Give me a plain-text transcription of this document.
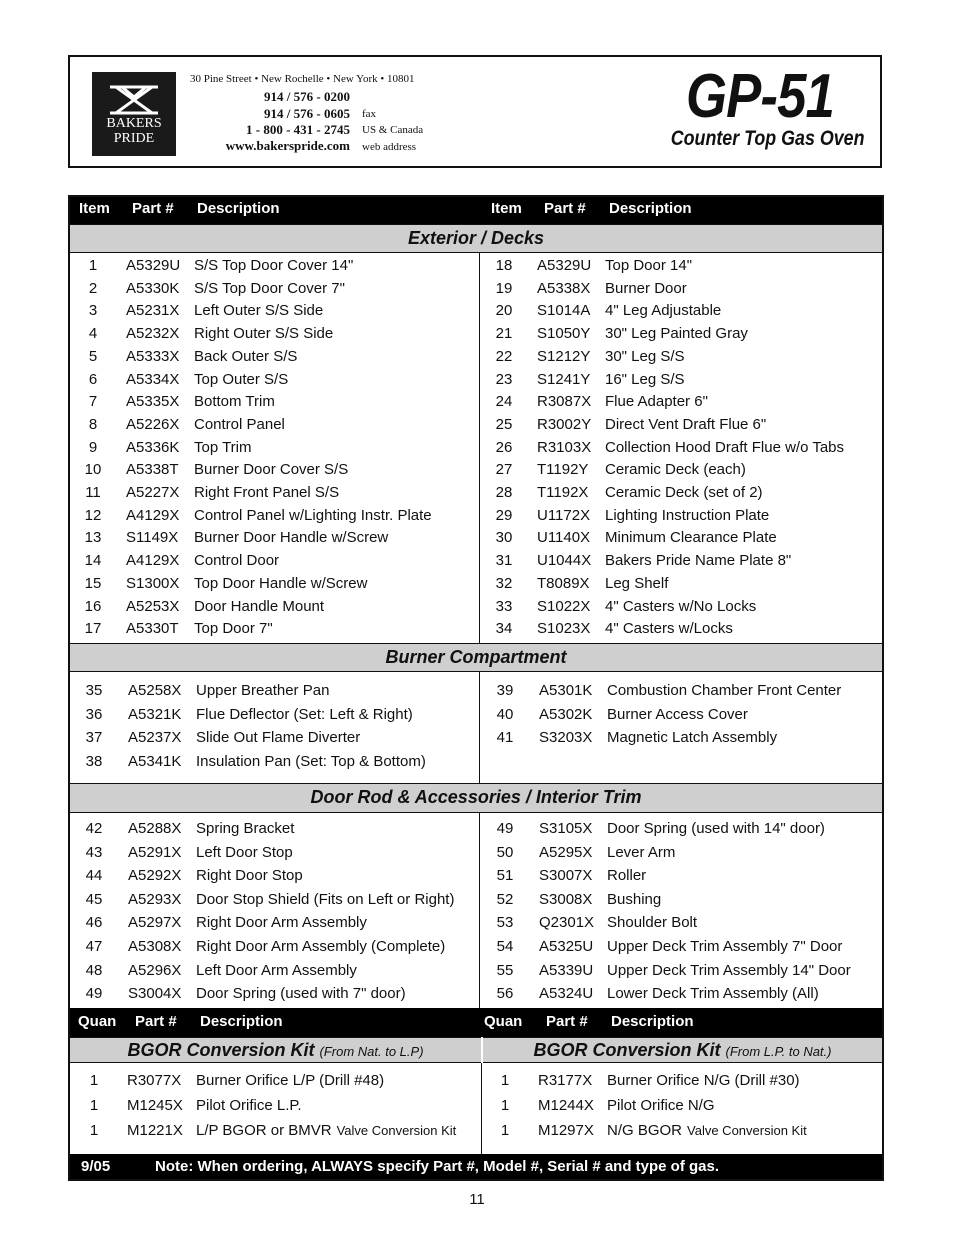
BAKERS
PRIDE
30 Pine Street • New Rochelle • New York • 10801
914 / 576 - 0200
914 / 576 - 0605 fax
1 - 800 - 431 - 2745 US & Canada
www.bakerspride.com web address
GP-51
Counter Top Gas Oven
Item Part # Description	Item Part # Description
Exterior / Decks
1	A5329U S/S Top Door Cover 14"
2	A5330K S/S Top Door Cover 7"
3	A5231X Left Outer S/S Side
4	A5232X Right Outer S/S Side
5	A5333X Back Outer S/S
6	A5334X Top Outer S/S
7	A5335X Bottom Trim
8	A5226X Control Panel
9	A5336K Top Trim
10	A5338T Burner Door Cover S/S
11	A5227X Right Front Panel S/S
12	A4129X Control Panel w/Lighting Instr. Plate
13	S1149X Burner Door Handle w/Screw
14	A4129X Control Door
15	S1300X Top Door Handle w/Screw
16	A5253X Door Handle Mount
17	A5330T Top Door 7"
18	A5329U Top Door 14"
19	A5338X Burner Door
20	S1014A 4" Leg Adjustable
21	S1050Y 30" Leg Painted Gray
22	S1212Y 30" Leg S/S
23	S1241Y 16" Leg S/S
24	R3087X Flue Adapter 6"
25	R3002Y Direct Vent Draft Flue 6"
26	R3103X Collection Hood Draft Flue w/o Tabs
27	T1192Y Ceramic Deck (each)
28	T1192X Ceramic Deck (set of 2)
29	U1172X Lighting Instruction Plate
30	U1140X Minimum Clearance Plate
31	U1044X Bakers Pride Name Plate 8"
32	T8089X Leg Shelf
33	S1022X 4" Casters w/No Locks
34	S1023X 4" Casters w/Locks
Burner Compartment
35	A5258X Upper Breather Pan
36	A5321K Flue Deflector (Set: Left & Right)
37	A5237X Slide Out Flame Diverter
38	A5341K Insulation Pan (Set: Top & Bottom)
39	A5301K Combustion Chamber Front Center
40	A5302K Burner Access Cover
41	S3203X Magnetic Latch Assembly
Door Rod & Accessories / Interior Trim
42	A5288X Spring Bracket
43	A5291X Left Door Stop
44	A5292X Right Door Stop
45	A5293X Door Stop Shield (Fits on Left or Right)
46	A5297X Right Door Arm Assembly
47	A5308X Right Door Arm Assembly (Complete)
48	A5296X Left Door Arm Assembly
49	S3004X Door Spring (used with 7" door)
49	S3105X Door Spring (used with 14" door)
50	A5295X Lever Arm
51	S3007X Roller
52	S3008X Bushing
53	Q2301X Shoulder Bolt
54	A5325U Upper Deck Trim Assembly 7" Door
55	A5339U Upper Deck Trim Assembly 14" Door
56	A5324U Lower Deck Trim Assembly (All)
Quan Part # Description	Quan Part # Description
BGOR Conversion Kit (From Nat. to L.P)	BGOR Conversion Kit (From L.P. to Nat.)
1	R3077X Burner Orifice L/P (Drill #48)
1	M1245X Pilot Orifice L.P.
1	M1221X L/P BGOR or BMVR Valve Conversion Kit
1	R3177X Burner Orifice N/G (Drill #30)
1	M1244X Pilot Orifice N/G
1	M1297X N/G BGOR Valve Conversion Kit
9/05	Note: When ordering, ALWAYS specify Part #, Model #, Serial # and type of gas.
11
